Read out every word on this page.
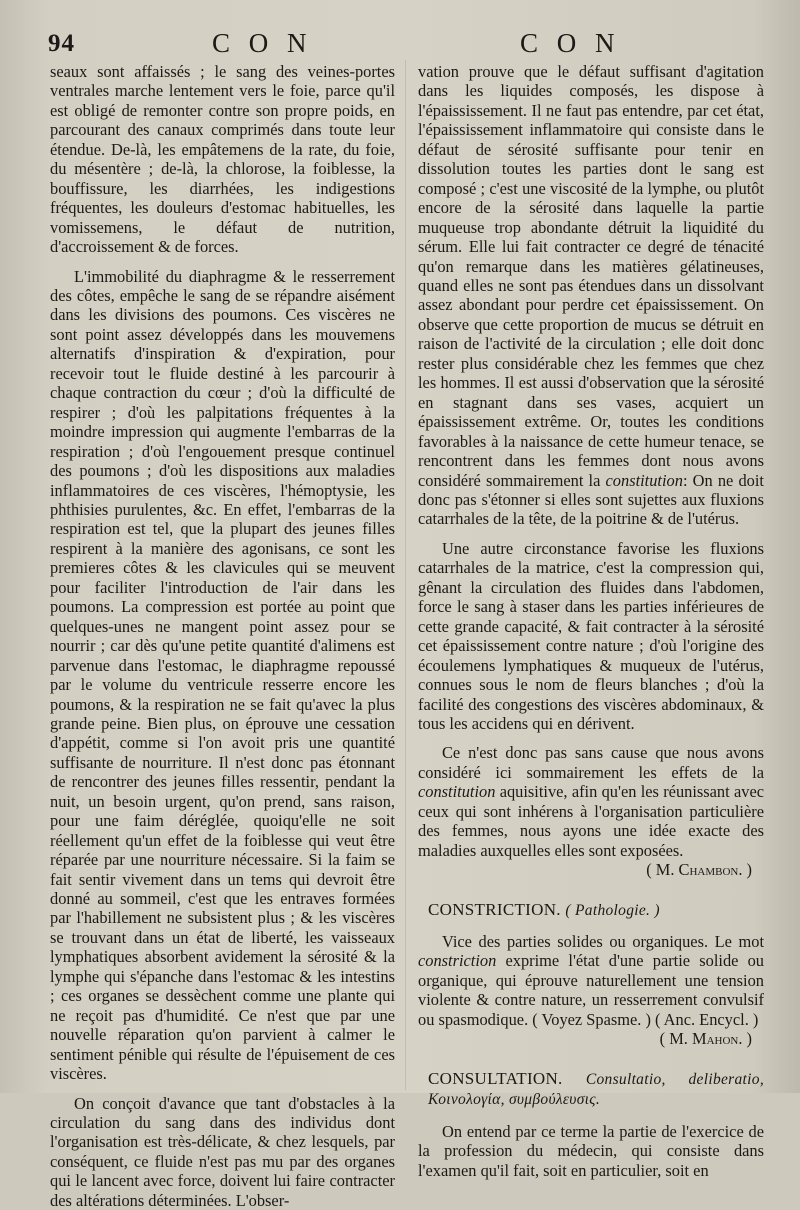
94	C O N	C O N

seaux sont affaissés ; le sang des veines-portes ventrales marche lentement vers le foie, parce qu'il est obligé de remonter contre son propre poids, en parcourant des canaux comprimés dans toute leur étendue. De-là, les empâtemens de la rate, du foie, du mésentère ; de-là, la chlorose, la foiblesse, la bouffissure, les diarrhées, les indigestions fréquentes, les douleurs d'estomac habituelles, les vomissemens, le défaut de nutrition, d'accroissement & de forces.

L'immobilité du diaphragme & le resserrement des côtes, empêche le sang de se répandre aisément dans les divisions des poumons. Ces viscères ne sont point assez développés dans les mouvemens alternatifs d'inspiration & d'expiration, pour recevoir tout le fluide destiné à les parcourir à chaque contraction du cœur ; d'où la difficulté de respirer ; d'où les palpitations fréquentes à la moindre impression qui augmente l'embarras de la respiration ; d'où l'engouement presque continuel des poumons ; d'où les dispositions aux maladies inflammatoires de ces viscères, l'hémoptysie, les phthisies purulentes, &c. En effet, l'embarras de la respiration est tel, que la plupart des jeunes filles respirent à la manière des agonisans, ce sont les premieres côtes & les clavicules qui se meuvent pour faciliter l'introduction de l'air dans les poumons. La compression est portée au point que quelques-unes ne mangent point assez pour se nourrir ; car dès qu'une petite quantité d'alimens est parvenue dans l'estomac, le diaphragme repoussé par le volume du ventricule resserre encore les poumons, & la respiration ne se fait qu'avec la plus grande peine. Bien plus, on éprouve une cessation d'appétit, comme si l'on avoit pris une quantité suffisante de nourriture. Il n'est donc pas étonnant de rencontrer des jeunes filles ressentir, pendant la nuit, un besoin urgent, qu'on prend, sans raison, pour une faim déréglée, quoiqu'elle ne soit réellement qu'un effet de la foiblesse qui veut être réparée par une nourriture nécessaire. Si la faim se fait sentir vivement dans un tems qui devroit être donné au sommeil, c'est que les entraves formées par l'habillement ne subsistent plus ; & les viscères se trouvant dans un état de liberté, les vaisseaux lymphatiques absorbent avidement la sérosité & la lymphe qui s'épanche dans l'estomac & les intestins ; ces organes se dessèchent comme une plante qui ne reçoit pas d'humidité. Ce n'est que par une nouvelle réparation qu'on parvient à calmer le sentiment pénible qui résulte de l'épuisement de ces viscères.

On conçoit d'avance que tant d'obstacles à la circulation du sang dans des individus dont l'organisation est très-délicate, & chez lesquels, par conséquent, ce fluide n'est pas mu par des organes qui le lancent avec force, doivent lui faire contracter des altérations déterminées. L'obser-

vation prouve que le défaut suffisant d'agitation dans les liquides composés, les dispose à l'épaississement. Il ne faut pas entendre, par cet état, l'épaississement inflammatoire qui consiste dans le défaut de sérosité suffisante pour tenir en dissolution toutes les parties dont le sang est composé ; c'est une viscosité de la lymphe, ou plutôt encore de la sérosité dans laquelle la partie muqueuse trop abondante détruit la liquidité du sérum. Elle lui fait contracter ce degré de ténacité qu'on remarque dans les matières gélatineuses, quand elles ne sont pas étendues dans un dissolvant assez abondant pour perdre cet épaississement. On observe que cette proportion de mucus se détruit en raison de l'activité de la circulation ; elle doit donc rester plus considérable chez les femmes que chez les hommes. Il est aussi d'observation que la sérosité en stagnant dans ses vases, acquiert un épaississement extrême. Or, toutes les conditions favorables à la naissance de cette humeur tenace, se rencontrent dans les femmes dont nous avons considéré sommairement la constitution: On ne doit donc pas s'étonner si elles sont sujettes aux fluxions catarrhales de la tête, de la poitrine & de l'utérus.

Une autre circonstance favorise les fluxions catarrhales de la matrice, c'est la compression qui, gênant la circulation des fluides dans l'abdomen, force le sang à staser dans les parties inférieures de cette grande capacité, & fait contracter à la sérosité cet épaississement contre nature ; d'où l'origine des écoulemens lymphatiques & muqueux de l'utérus, connues sous le nom de fleurs blanches ; d'où la facilité des congestions des viscères abdominaux, & tous les accidens qui en dérivent.

Ce n'est donc pas sans cause que nous avons considéré ici sommairement les effets de la constitution aquisitive, afin qu'en les réunissant avec ceux qui sont inhérens à l'organisation particulière des femmes, nous ayons une idée exacte des maladies auxquelles elles sont exposées.

( M. Chambon. )

CONSTRICTION. ( Pathologie. )

Vice des parties solides ou organiques. Le mot constriction exprime l'état d'une partie solide ou organique, qui éprouve naturellement une tension violente & contre nature, un resserrement convulsif ou spasmodique. ( Voyez Spasme. ) ( Anc. Encycl. )

( M. Mahon. )

CONSULTATION. Consultatio, deliberatio, Κοινολογία, συμβούλευσις.

On entend par ce terme la partie de l'exercice de la profession du médecin, qui consiste dans l'examen qu'il fait, soit en particulier, soit en
